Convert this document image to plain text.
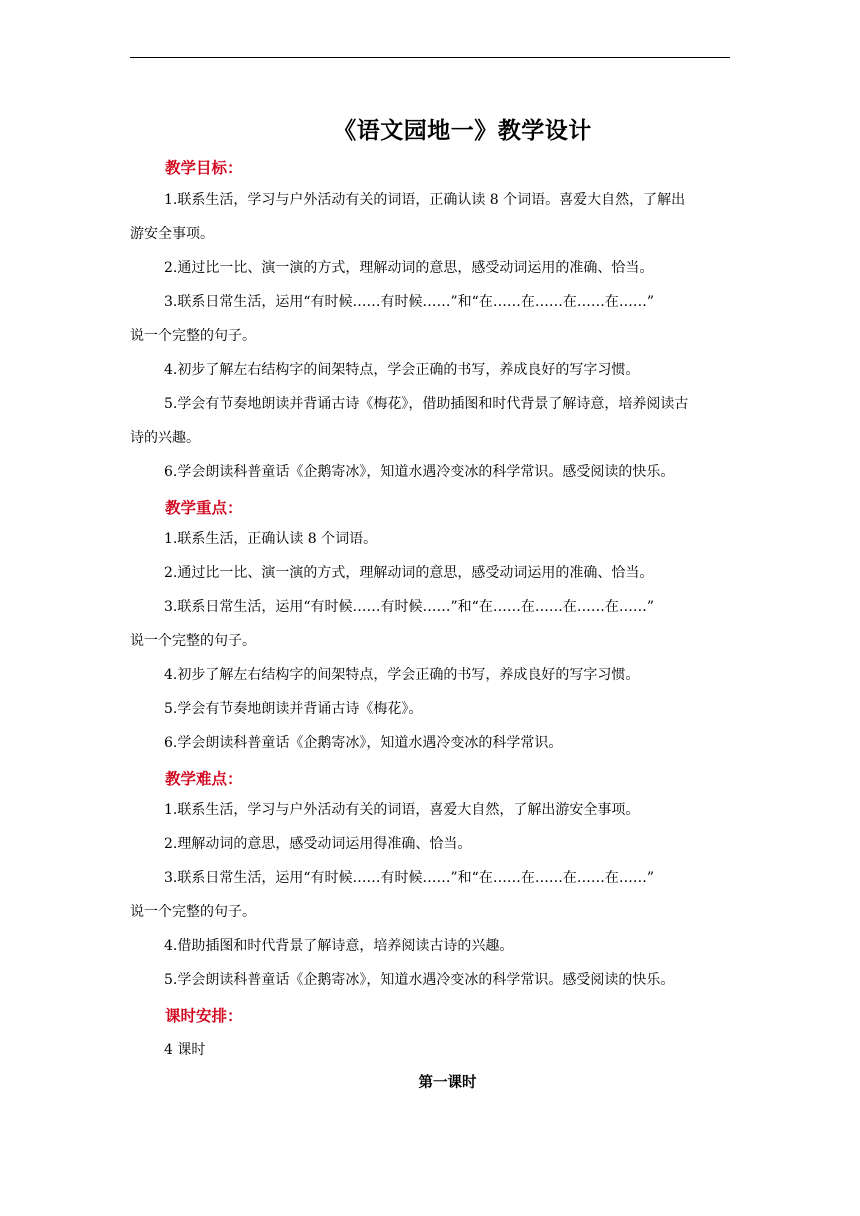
《语文园地一》教学设计
教学目标：
1.联系生活，学习与户外活动有关的词语，正确认读 8 个词语。喜爱大自然，了解出
游安全事项。
2.通过比一比、演一演的方式，理解动词的意思，感受动词运用的准确、恰当。
3.联系日常生活，运用“有时候……有时候……”和“在……在……在……在……”
说一个完整的句子。
4.初步了解左右结构字的间架特点，学会正确的书写，养成良好的写字习惯。
5.学会有节奏地朗读并背诵古诗《梅花》，借助插图和时代背景了解诗意，培养阅读古
诗的兴趣。
6.学会朗读科普童话《企鹅寄冰》，知道水遇冷变冰的科学常识。感受阅读的快乐。
教学重点：
1.联系生活，正确认读 8 个词语。
2.通过比一比、演一演的方式，理解动词的意思，感受动词运用的准确、恰当。
3.联系日常生活，运用“有时候……有时候……”和“在……在……在……在……”
说一个完整的句子。
4.初步了解左右结构字的间架特点，学会正确的书写，养成良好的写字习惯。
5.学会有节奏地朗读并背诵古诗《梅花》。
6.学会朗读科普童话《企鹅寄冰》，知道水遇冷变冰的科学常识。
教学难点：
1.联系生活，学习与户外活动有关的词语，喜爱大自然，了解出游安全事项。
2.理解动词的意思，感受动词运用得准确、恰当。
3.联系日常生活，运用“有时候……有时候……”和“在……在……在……在……”
说一个完整的句子。
4.借助插图和时代背景了解诗意，培养阅读古诗的兴趣。
5.学会朗读科普童话《企鹅寄冰》，知道水遇冷变冰的科学常识。感受阅读的快乐。
课时安排：
4 课时
第一课时
